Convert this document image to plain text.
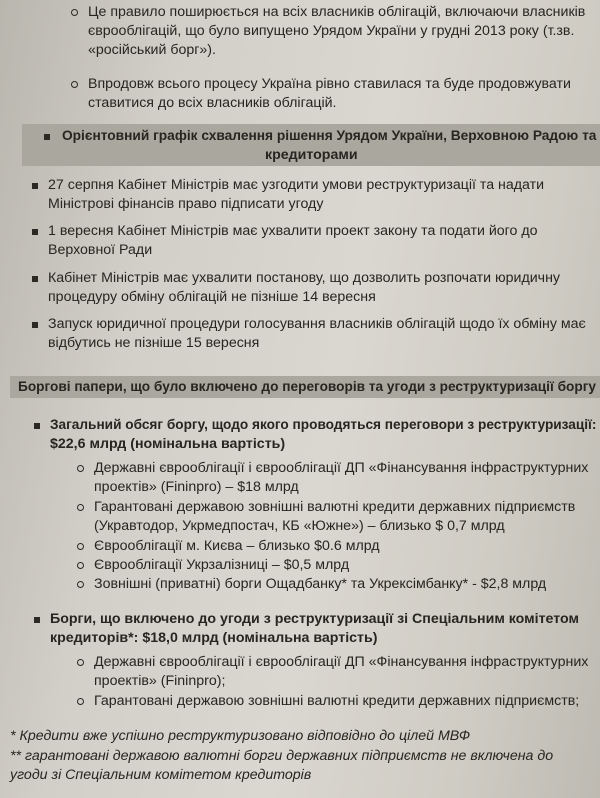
Це правило поширюється на всіх власників облігацій, включаючи власників
єврооблігацій, що було випущено Урядом України у грудні 2013 року (т.зв.
«російський борг»).
Впродовж всього процесу Україна рівно ставилася та буде продовжувати
ставитися до всіх власників облігацій.
Орієнтовний графік схвалення рішення Урядом України, Верховною Радою та
кредиторами
27 серпня Кабінет Міністрів має узгодити умови реструктуризації та надати
Міністрові фінансів право підписати угоду
1 вересня Кабінет Міністрів має ухвалити проект закону та подати його до
Верховної Ради
Кабінет Міністрів має ухвалити постанову, що дозволить розпочати юридичну
процедуру обміну облігацій не пізніше 14 вересня
Запуск юридичної процедури голосування власників облігацій щодо їх обміну має
відбутись не пізніше 15 вересня
Боргові папери, що було включено до переговорів та угоди з реструктуризації боргу
Загальний обсяг боргу, щодо якого проводяться переговори з реструктуризації:
$22,6 млрд (номінальна вартість)
Державні єврооблігації і єврооблігації ДП «Фінансування інфраструктурних
проектів» (Fininpro) – $18 млрд
Гарантовані державою зовнішні валютні кредити державних підприємств
(Укравтодор, Укрмедпостач, КБ «Южне») – близько $ 0,7 млрд
Єврооблігації м. Києва – близько $0.6 млрд
Єврооблігації Укрзалізниці – $0,5 млрд
Зовнішні (приватні) борги Ощадбанку* та Укрексімбанку* - $2,8 млрд
Борги, що включено до угоди з реструктуризації зі Спеціальним комітетом
кредиторів*: $18,0 млрд (номінальна вартість)
Державні єврооблігації і єврооблігації ДП «Фінансування інфраструктурних
проектів» (Fininpro);
Гарантовані державою зовнішні валютні кредити державних підприємств;
* Кредити вже успішно реструктуризовано відповідно до цілей МВФ
** гарантовані державою валютні борги державних підприємств не включена до
угоди зі Спеціальним комітетом кредиторів
